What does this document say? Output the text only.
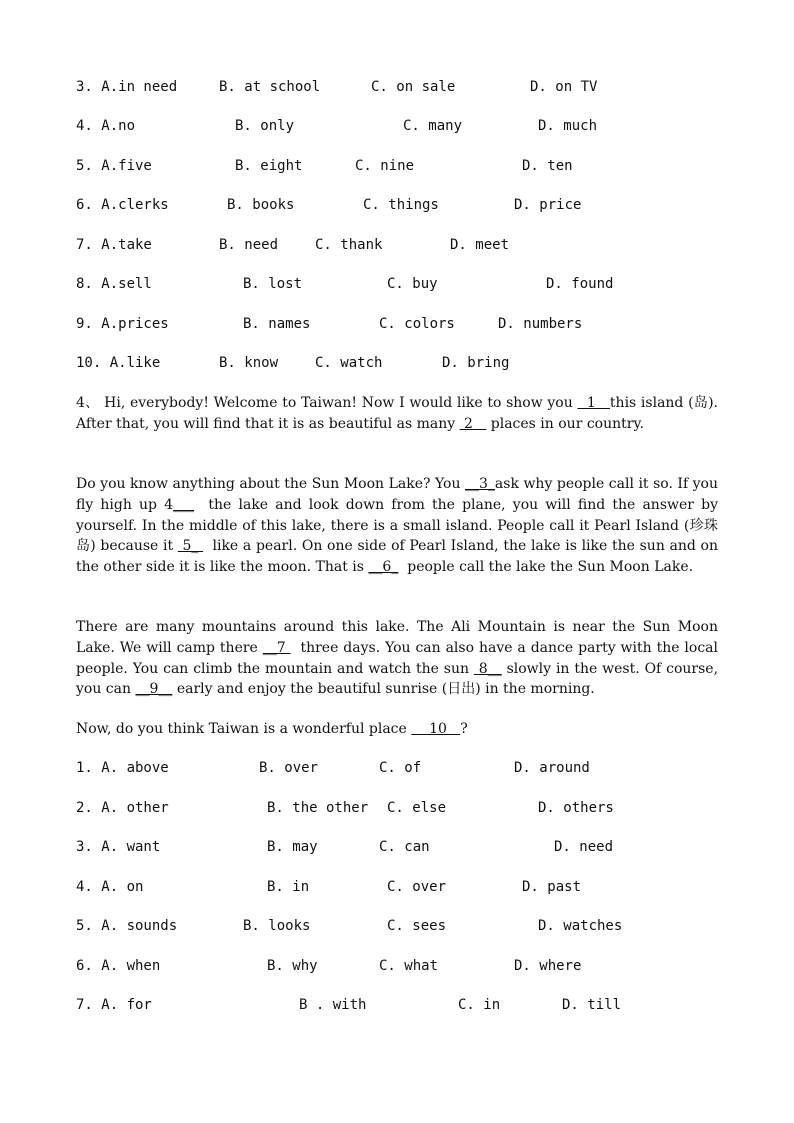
3. A.in need	B. at school	C. on sale	D. on TV
4. A.no	B. only	C. many	D. much
5. A.five	B. eight	C. nine	D. ten
6. A.clerks	B. books	C. things	D. price
7. A.take	B. need	C. thank	D. meet
8. A.sell	B. lost	C. buy	D. found
9. A.prices	B. names	C. colors	D. numbers
10. A.like	B. know	C. watch	D. bring
4、 Hi, everybody! Welcome to Taiwan! Now I would like to show you   1   this island (岛). After that, you will find that it is as beautiful as many  2    places in our country.
Do you know anything about the Sun Moon Lake? You __3_ask why people call it so. If you fly high up 4___  the lake and look down from the plane, you will find the answer by yourself. In the middle of this lake, there is a small island. People call it Pearl Island (珍珠岛) because it  5_   like a pearl. On one side of Pearl Island, the lake is like the sun and on the other side it is like the moon. That is __6_  people call the lake the Sun Moon Lake.
There are many mountains around this lake. The Ali Mountain is near the Sun Moon Lake. We will camp there __7   three days. You can also have a dance party with the local people. You can climb the mountain and watch the sun  8__ slowly in the west. Of course, you can __9__ early and enjoy the beautiful sunrise (日出) in the morning.
Now, do you think Taiwan is a wonderful place     10   ?
1. A. above	B. over	C. of	D. around
2. A. other	B. the other C. else	D. others
3. A. want	B. may	C. can	D. need
4. A. on	B. in	C. over	D. past
5. A. sounds	B. looks	C. sees	D. watches
6. A. when	B. why	C. what	D. where
7. A. for	B . with	C. in	D. till
